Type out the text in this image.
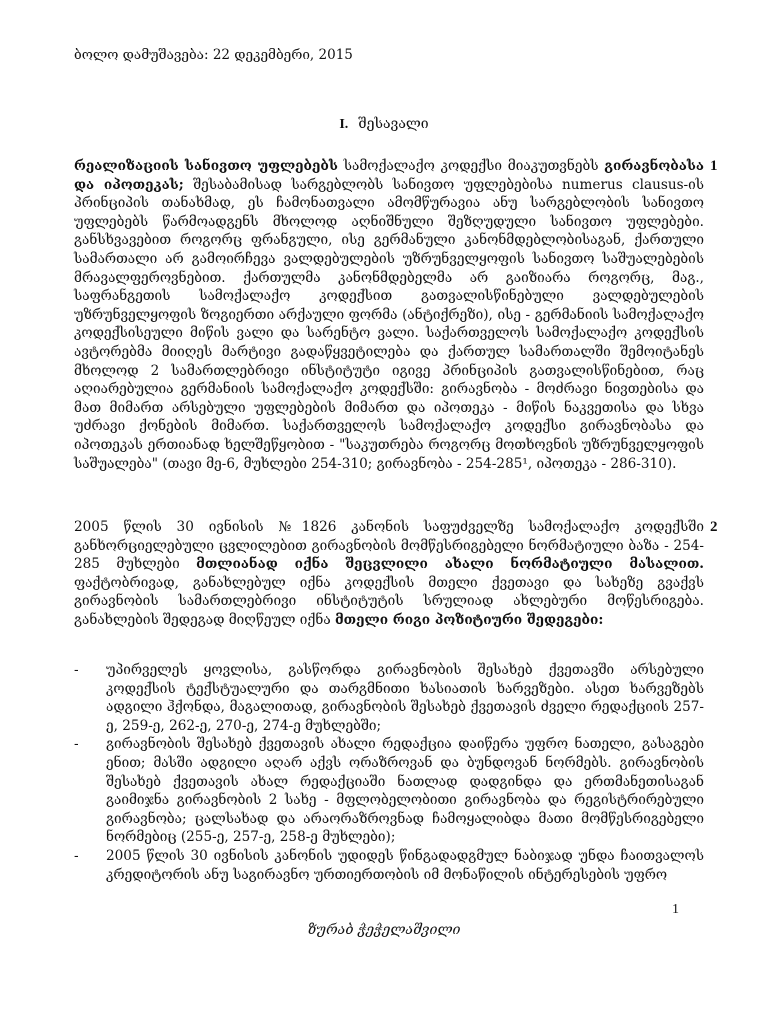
ბოლო დამუშავება: 22 დეკემბერი, 2015
I. შესავალი
რეალიზაციის სანივთო უფლებებს სამოქალაქო კოდექსი მიაკუთვნებს გირავნობასა და იპოთეკას; შესაბამისად სარგებლობს სანივთო უფლებებისა numerus clausus-ის პრინციპის თანახმად, ეს ჩამონათვალი ამომწურავია ანუ სარგებლობის სანივთო უფლებებს წარმოადგენს მხოლოდ აღნიშნული შეზღუდული სანივთო უფლებები. განსხვავებით როგორც ფრანგული, ისე გერმანული კანონმდებლობისაგან, ქართული სამართალი არ გამოირჩევა ვალდებულების უზრუნველყოფის სანივთო საშუალებების მრავალფეროვნებით. ქართულმა კანონმდებელმა არ გაიზიარა როგორც, მაგ., საფრანგეთის სამოქალაქო კოდექსით გათვალისწინებული ვალდებულების უზრუნველყოფის ზოგიერთი არქაული ფორმა (ანტიქრეზი), ისე - გერმანიის სამოქალაქო კოდექსისეული მიწის ვალი და სარენტო ვალი. საქართველოს სამოქალაქო კოდექსის ავტორებმა მიიღეს მარტივი გადაწყვეტილება და ქართულ სამართალში შემოიტანეს მხოლოდ 2 სამართლებრივი ინსტიტუტი იგივე პრინციპის გათვალისწინებით, რაც აღიარებულია გერმანიის სამოქალაქო კოდექსში: გირავნობა - მოძრავი ნივთებისა და მათ მიმართ არსებული უფლებების მიმართ და იპოთეკა - მიწის ნაკვეთისა და სხვა უძრავი ქონების მიმართ. საქართველოს სამოქალაქო კოდექსი გირავნობასა და იპოთეკას ერთიანად ხელშეწყობით - "საკუთრება როგორც მოთხოვნის უზრუნველყოფის საშუალება" (თავი მე-6, მუხლები 254-310; გირავნობა - 254-285¹, იპოთეკა - 286-310).
1
2005 წლის 30 ივნისის №1826 კანონის საფუძველზე სამოქალაქო კოდექსში განხორციელებული ცვლილებით გირავნობის მომწესრიგებელი ნორმატიული ბაზა - 254-285 მუხლები მთლიანად იქნა შეცვლილი ახალი ნორმატიული მასალით. ფაქტობრივად, განახლებულ იქნა კოდექსის მთელი ქვეთავი და სახეზე გვაქვს გირავნობის სამართლებრივი ინსტიტუტის სრულიად ახლებური მოწესრიგება. განახლების შედეგად მიღწეულ იქნა მთელი რიგი პოზიტიური შედეგები:
2
- უპირველეს ყოვლისა, გასწორდა გირავნობის შესახებ ქვეთავში არსებული კოდექსის ტექსტუალური და თარგმნითი ხასიათის ხარვეზები. ასეთ ხარვეზებს ადგილი ჰქონდა, მაგალითად, გირავნობის შესახებ ქვეთავის ძველი რედაქციის 257-ე, 259-ე, 262-ე, 270-ე, 274-ე მუხლებში;
- გირავნობის შესახებ ქვეთავის ახალი რედაქცია დაიწერა უფრო ნათელი, გასაგები ენით; მასში ადგილი აღარ აქვს ორაზროვან და ბუნდოვან ნორმებს. გირავნობის შესახებ ქვეთავის ახალ რედაქციაში ნათლად დადგინდა და ერთმანეთისაგან გაიმიჯნა გირავნობის 2 სახე - მფლობელობითი გირავნობა და რეგისტრირებული გირავნობა; ცალსახად და არაორაზროვნად ჩამოყალიბდა მათი მომწესრიგებელი ნორმებიც (255-ე, 257-ე, 258-ე მუხლები);
- 2005 წლის 30 ივნისის კანონის უდიდეს წინგადადგმულ ნაბიჯად უნდა ჩაითვალოს კრედიტორის ანუ საგირავნო ურთიერთობის იმ მონაწილის ინტერესების უფრო
1
ზურაბ ჭეჭელაშვილი
